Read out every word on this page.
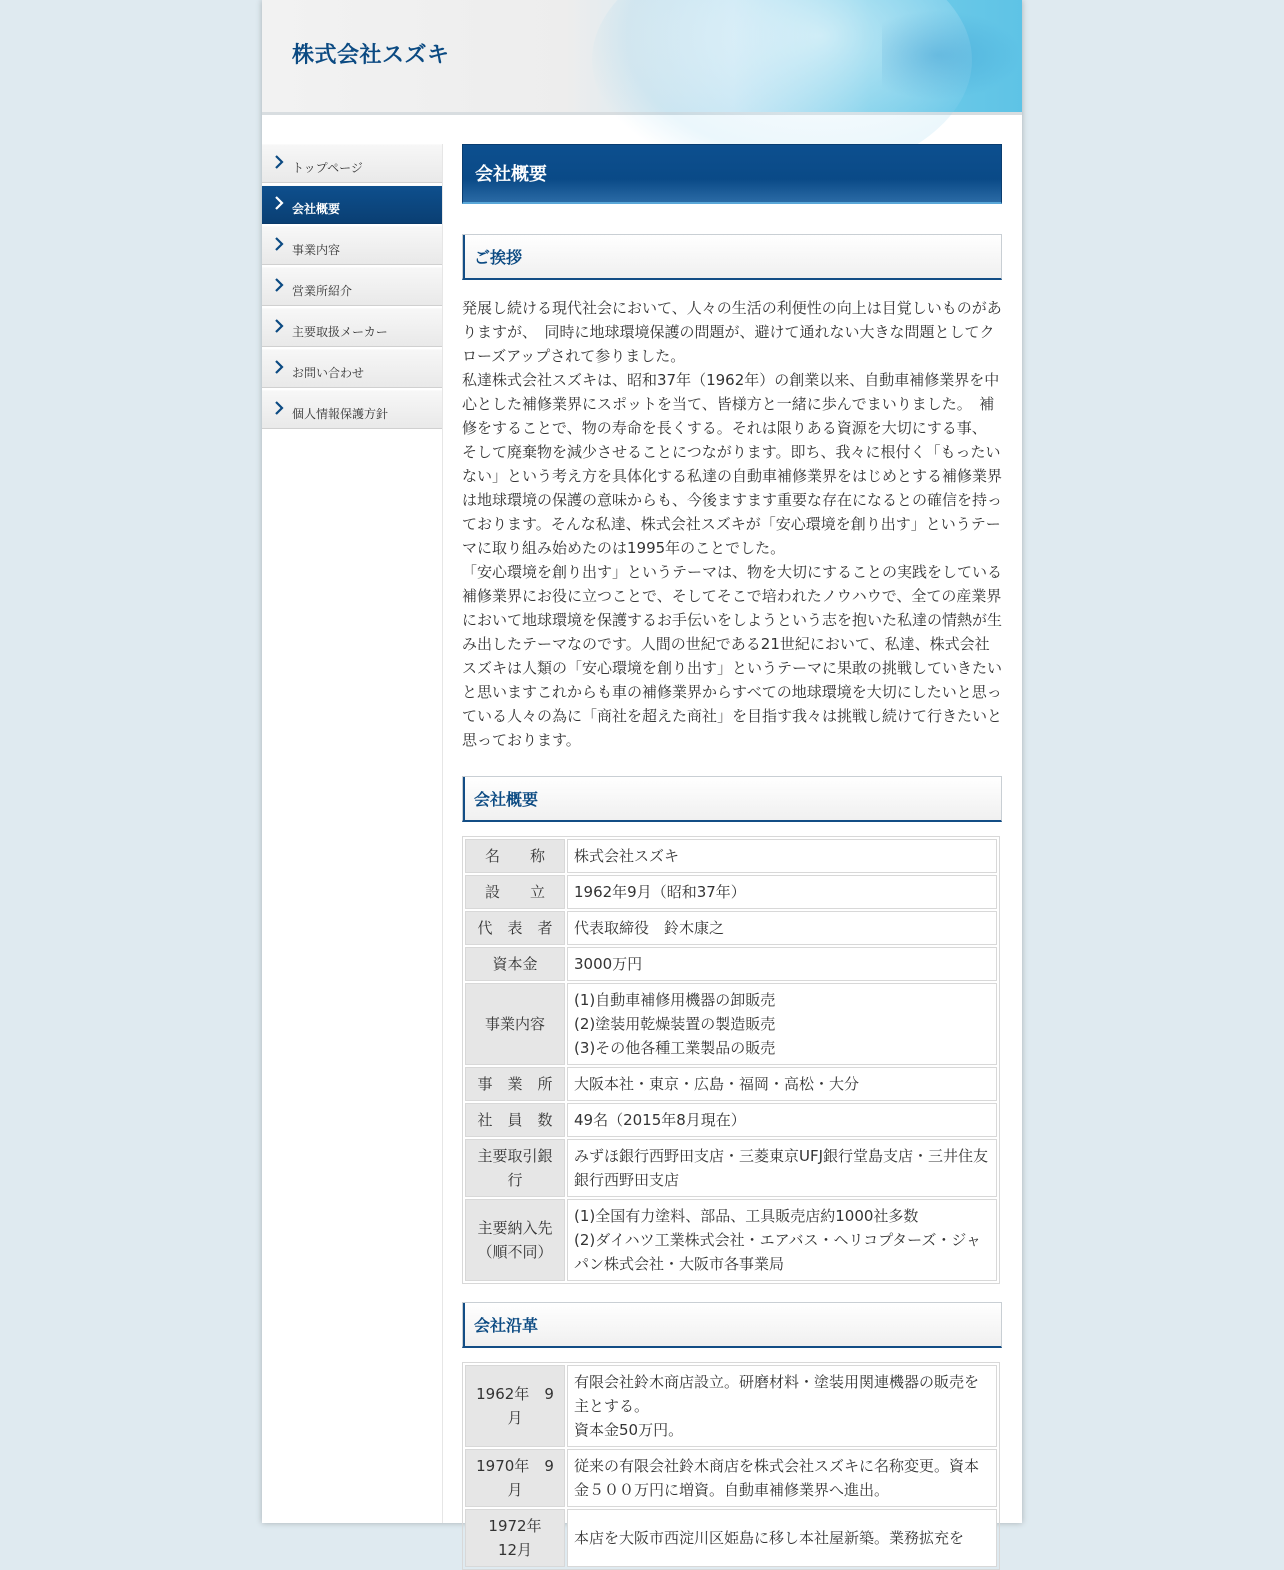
株式会社スズキ
トップページ
会社概要
事業内容
営業所紹介
主要取扱メーカー
お問い合わせ
個人情報保護方針
会社概要
ご挨拶

発展し続ける現代社会において、人々の生活の利便性の向上は目覚しいものがありますが、　同時に地球環境保護の問題が、避けて通れない大きな問題としてクローズアップされて参りました。

私達株式会社スズキは、昭和37年（1962年）の創業以来、自動車補修業界を中心とした補修業界にスポットを当て、皆様方と一緒に歩んでまいりました。　補修をすることで、物の寿命を長くする。それは限りある資源を大切にする事、　そして廃棄物を減少させることにつながります。即ち、我々に根付く「もったいない」という考え方を具体化する私達の自動車補修業界をはじめとする補修業界は地球環境の保護の意味からも、今後ますます重要な存在になるとの確信を持っております。そんな私達、株式会社スズキが「安心環境を創り出す」というテーマに取り組み始めたのは1995年のことでした。

「安心環境を創り出す」というテーマは、物を大切にすることの実践をしている補修業界にお役に立つことで、そしてそこで培われたノウハウで、全ての産業界において地球環境を保護するお手伝いをしようという志を抱いた私達の情熱が生み出したテーマなのです。人間の世紀である21世紀において、私達、株式会社スズキは人類の「安心環境を創り出す」というテーマに果敢の挑戦していきたいと思いますこれからも車の補修業界からすべての地球環境を大切にしたいと思っている人々の為に「商社を超えた商社」を目指す我々は挑戦し続けて行きたいと思っております。

会社概要
名　　称	株式会社スズキ
設　　立	1962年9月（昭和37年）
代　表　者	代表取締役　鈴木康之
資本金	3000万円
事業内容	(1)自動車補修用機器の卸販売
(2)塗装用乾燥装置の製造販売
(3)その他各種工業製品の販売
事　業　所	大阪本社・東京・広島・福岡・高松・大分
社　員　数	49名（2015年8月現在）
主要取引銀行	みずほ銀行西野田支店・三菱東京UFJ銀行堂島支店・三井住友銀行西野田支店
主要納入先（順不同）	(1)全国有力塗料、部品、工具販売店約1000社多数
(2)ダイハツ工業株式会社・エアバス・ヘリコプターズ・ジャパン株式会社・大阪市各事業局
会社沿革
1962年　9月	有限会社鈴木商店設立。研磨材料・塗装用関連機器の販売を主とする。
資本金50万円。
1970年　9月	従来の有限会社鈴木商店を株式会社スズキに名称変更。資本金５００万円に増資。自動車補修業界へ進出。
1972年　12月	本店を大阪市西淀川区姫島に移し本社屋新築。業務拡充を
